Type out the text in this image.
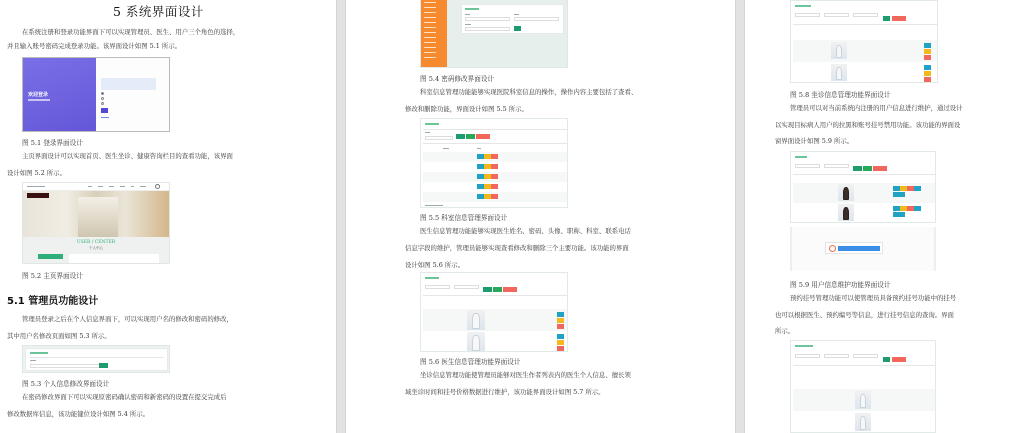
5 系统界面设计
在系统注册和登录功能界面下可以实现管理员、医生、用户三个角色的选择，
并且输入账号密码完成登录功能。该界面设计如图 5.1 所示。
欢迎登录
图 5.1 登录界面设计
主页界面设计可以实现首页、医生坐诊、健康咨询栏目的查看功能，该界面
设计如图 5.2 所示。
USER / CENTER
个人中心
图 5.2 主页界面设计
5.1 管理员功能设计
管理员登录之后在个人信息界面下，可以实现用户名的修改和密码的修改，
其中用户名修改页面如图 5.3 所示。
图 5.3 个人信息修改界面设计
在密码修改界面下可以实现原密码确认密码和新密码的设置在提交完成后
修改数据库信息，该功能键位设计如图 5.4 所示。
图 5.4 密码修改界面设计
科室信息管理功能能够实现医院科室信息的操作，操作内容主要包括了查看、
修改和删除功能，界面设计如图 5.5 所示。
图 5.5 科室信息管理界面设计
医生信息管理功能能够实现医生姓名、密码、头像、职称、科室、联系电话
信息字段的维护，管理员能够实现查看修改和删除三个主要功能。该功能的界面
设计如图 5.6 所示。
图 5.6 医生信息管理功能界面设计
坐诊信息管理功能使管理员能够对医生作者列表内的医生个人信息、擅长领
域坐诊时间和挂号价格数据进行维护，该功能界面设计如图 5.7 所示。
图 5.8 坐诊信息管理功能界面设计
管理员可以对当前系统内注册的用户信息进行维护，通过设计
以实现目标病人用户的拉黑和账号挂号禁用功能。该功能的界面设
窗界面设计如图 5.9 所示。
图 5.9 用户信息维护功能界面设计
预约挂号管理功能可以使管理员具备预约挂号功能中的挂号
也可以根据医生、预约编号等信息，进行挂号信息的查询。界面
所示。
